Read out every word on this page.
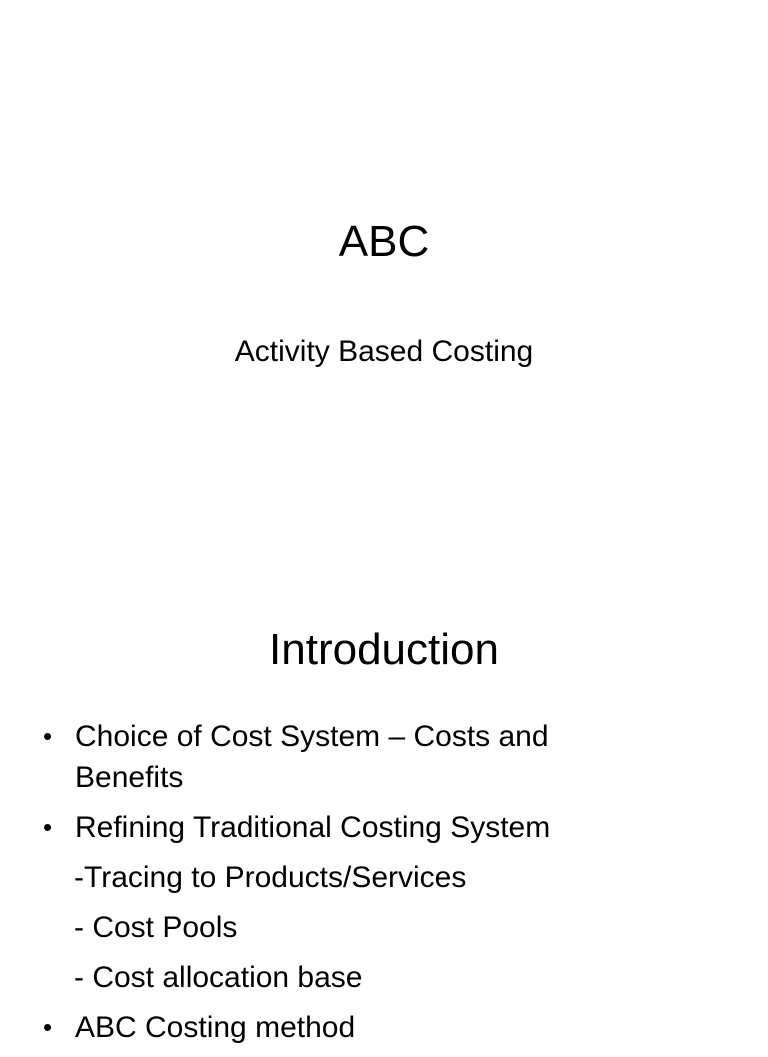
ABC
Activity Based Costing
Introduction
• Choice of Cost System – Costs and Benefits
• Refining Traditional Costing System
-Tracing to Products/Services
- Cost Pools
- Cost allocation base
• ABC Costing method
